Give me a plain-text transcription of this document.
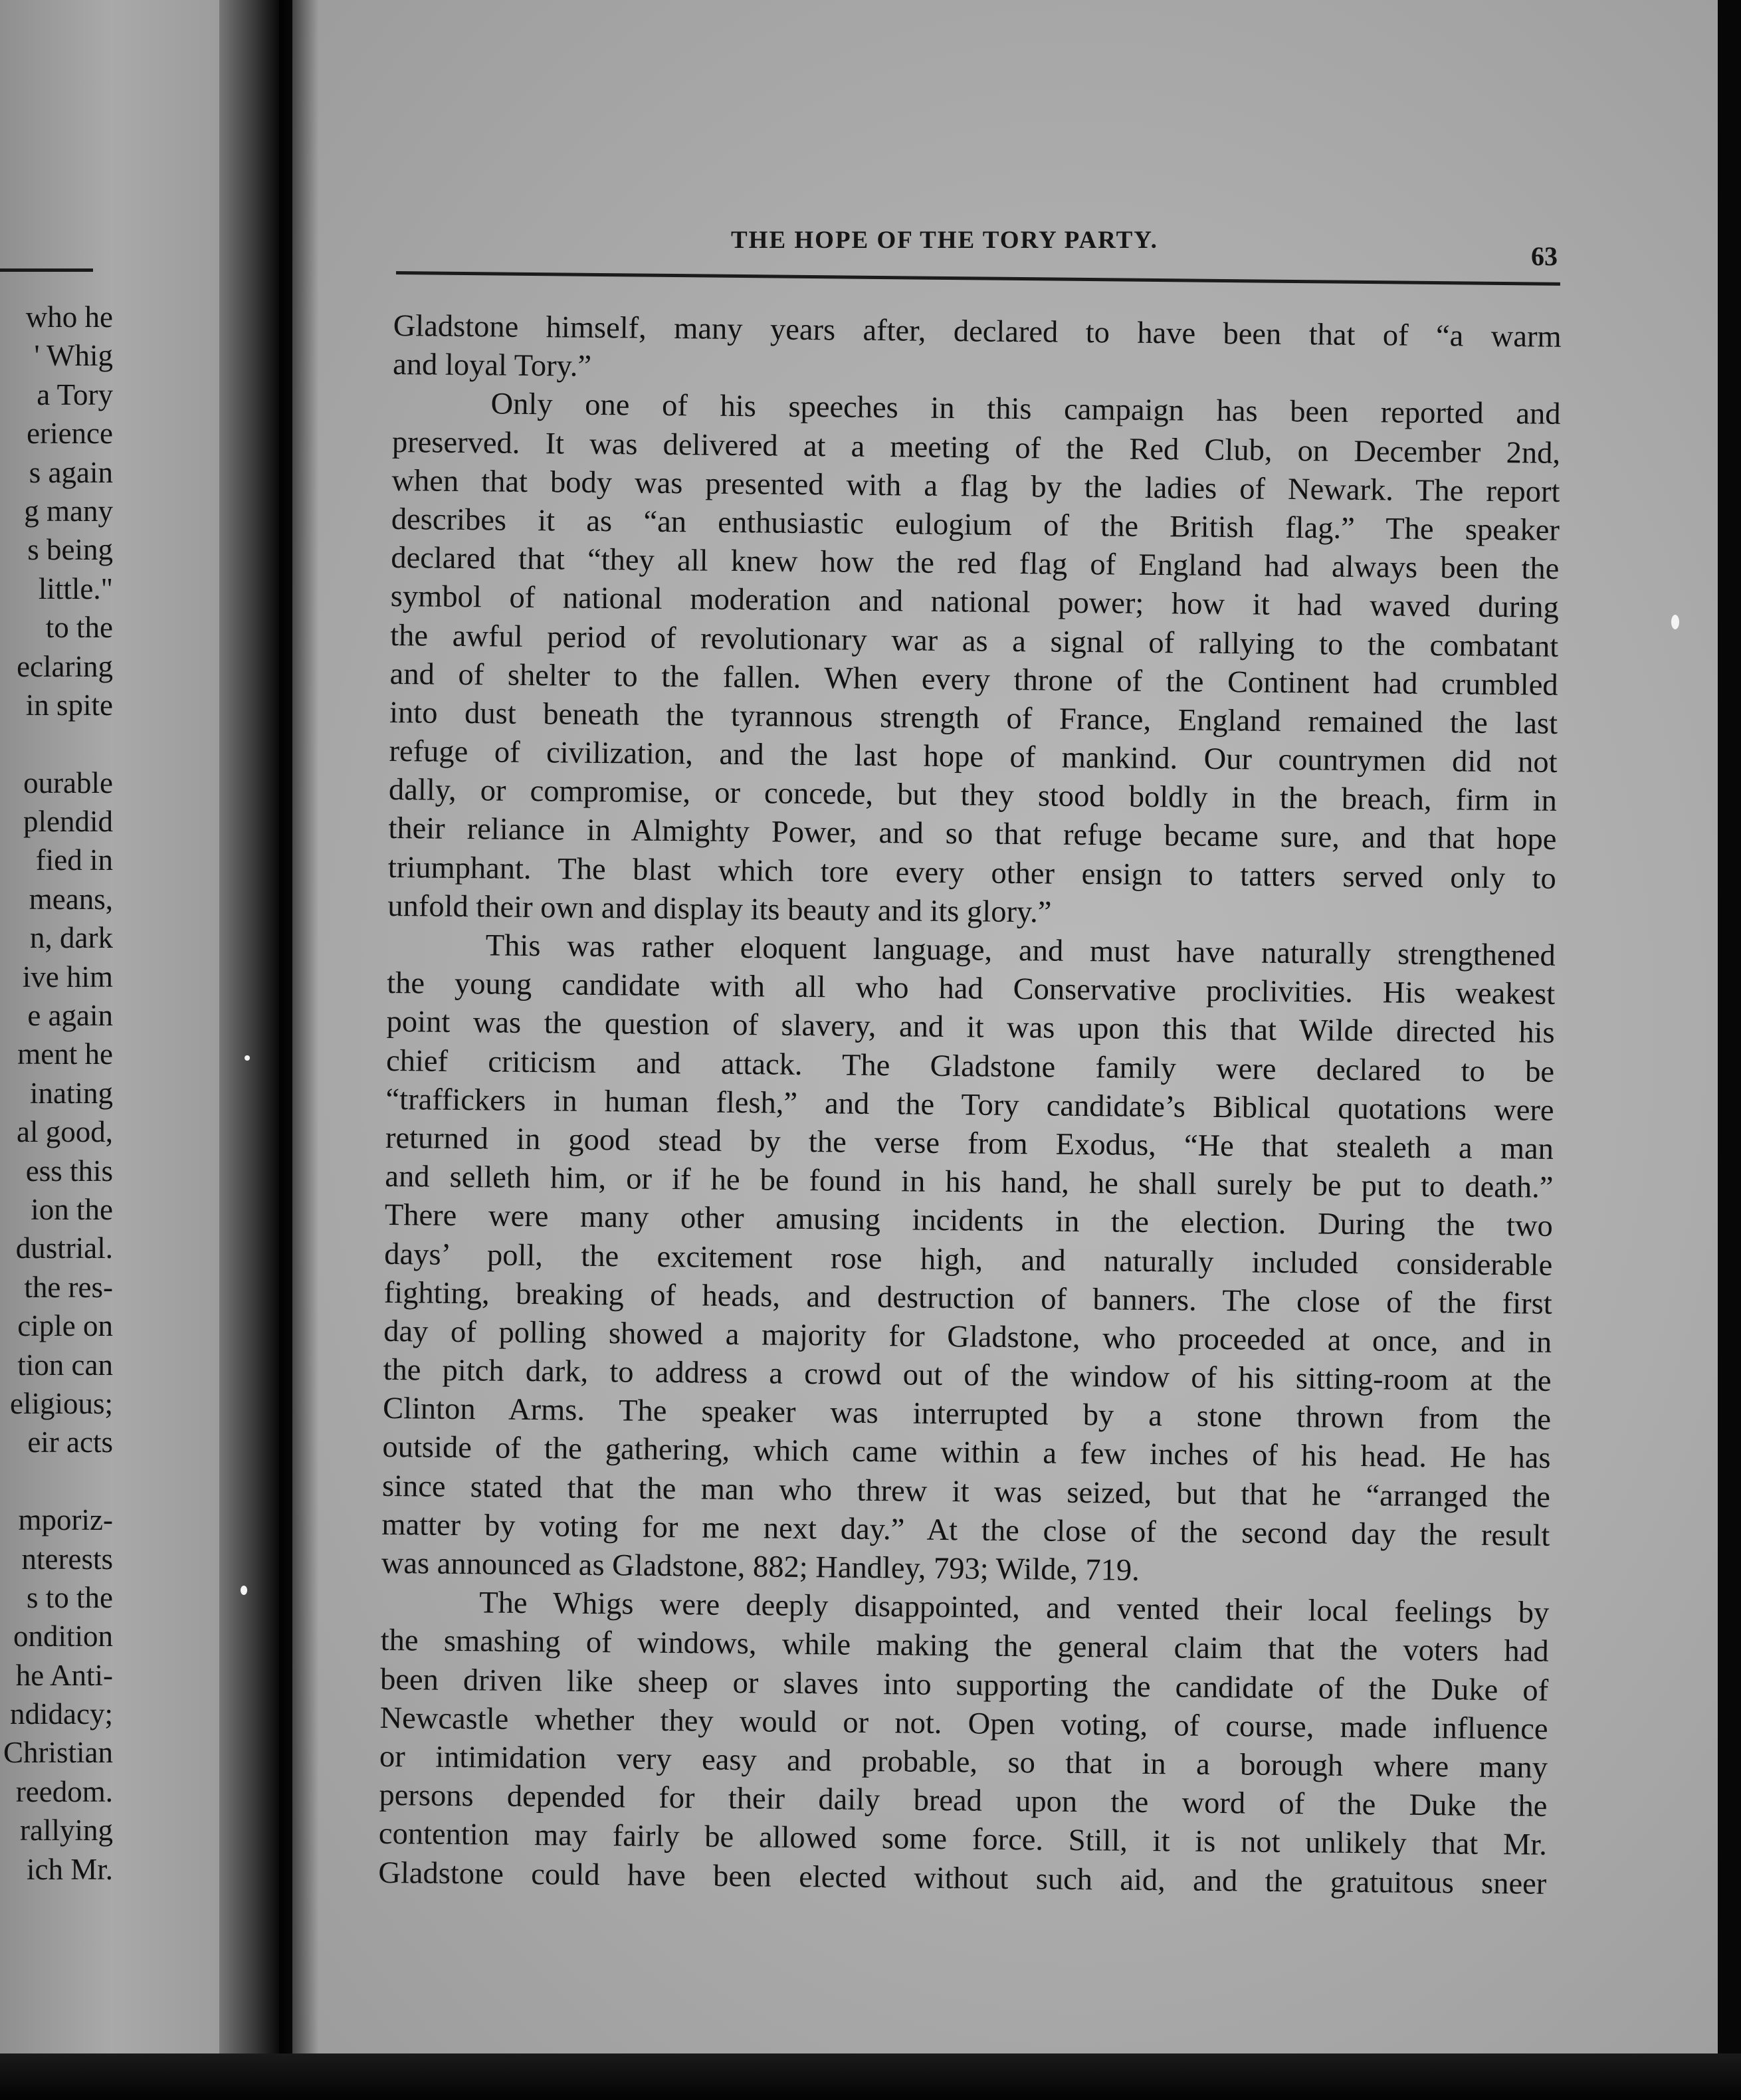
who he
' Whig
a Tory
erience
s again
g many
s being
little."
to the
eclaring
in spite
ourable
plendid
fied in
means,
n, dark
ive him
e again
ment he
inating
al good,
ess this
ion the
dustrial.
the res-
ciple on
tion can
eligious;
eir acts
mporiz-
nterests
s to the
ondition
he Anti-
ndidacy;
Christian
reedom.
rallying
ich Mr.
THE HOPE OF THE TORY PARTY.
63
Gladstone himself, many years after, declared to have been that of “a warm
and loyal Tory.”
Only one of his speeches in this campaign has been reported and
preserved. It was delivered at a meeting of the Red Club, on December 2nd,
when that body was presented with a flag by the ladies of Newark. The report
describes it as “an enthusiastic eulogium of the British flag.” The speaker
declared that “they all knew how the red flag of England had always been the
symbol of national moderation and national power; how it had waved during
the awful period of revolutionary war as a signal of rallying to the combatant
and of shelter to the fallen. When every throne of the Continent had crumbled
into dust beneath the tyrannous strength of France, England remained the last
refuge of civilization, and the last hope of mankind. Our countrymen did not
dally, or compromise, or concede, but they stood boldly in the breach, firm in
their reliance in Almighty Power, and so that refuge became sure, and that hope
triumphant. The blast which tore every other ensign to tatters served only to
unfold their own and display its beauty and its glory.”
This was rather eloquent language, and must have naturally strengthened
the young candidate with all who had Conservative proclivities. His weakest
point was the question of slavery, and it was upon this that Wilde directed his
chief criticism and attack. The Gladstone family were declared to be
“traffickers in human flesh,” and the Tory candidate’s Biblical quotations were
returned in good stead by the verse from Exodus, “He that stealeth a man
and selleth him, or if he be found in his hand, he shall surely be put to death.”
There were many other amusing incidents in the election. During the two
days’ poll, the excitement rose high, and naturally included considerable
fighting, breaking of heads, and destruction of banners. The close of the first
day of polling showed a majority for Gladstone, who proceeded at once, and in
the pitch dark, to address a crowd out of the window of his sitting-room at the
Clinton Arms. The speaker was interrupted by a stone thrown from the
outside of the gathering, which came within a few inches of his head. He has
since stated that the man who threw it was seized, but that he “arranged the
matter by voting for me next day.” At the close of the second day the result
was announced as Gladstone, 882; Handley, 793; Wilde, 719.
The Whigs were deeply disappointed, and vented their local feelings by
the smashing of windows, while making the general claim that the voters had
been driven like sheep or slaves into supporting the candidate of the Duke of
Newcastle whether they would or not. Open voting, of course, made influence
or intimidation very easy and probable, so that in a borough where many
persons depended for their daily bread upon the word of the Duke the
contention may fairly be allowed some force. Still, it is not unlikely that Mr.
Gladstone could have been elected without such aid, and the gratuitous sneer
